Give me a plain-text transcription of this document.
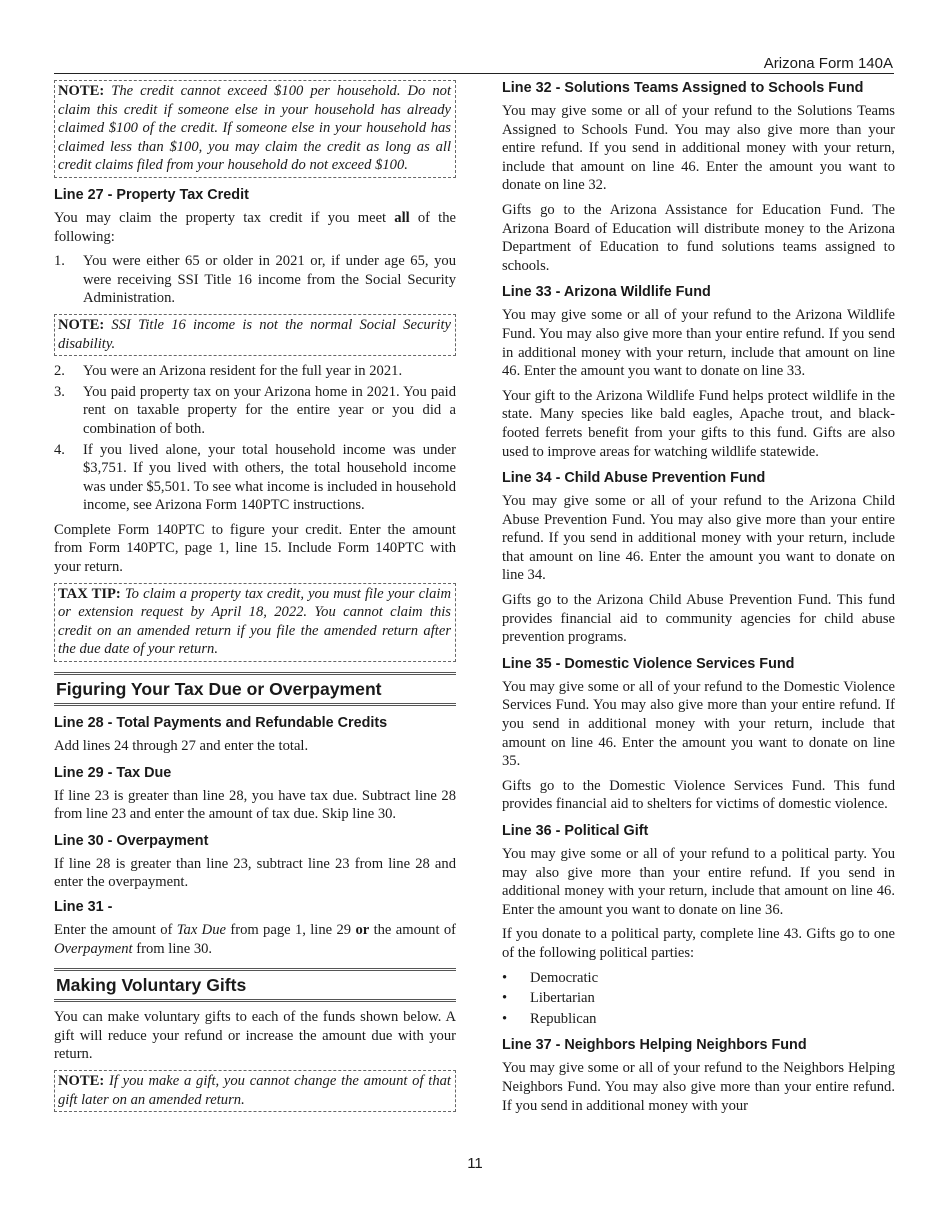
Arizona Form 140A
NOTE: The credit cannot exceed $100 per household. Do not claim this credit if someone else in your household has already claimed $100 of the credit. If someone else in your household has claimed less than $100, you may claim the credit as long as all credit claims filed from your household do not exceed $100.
Line 27 - Property Tax Credit

You may claim the property tax credit if you meet all of the following:

1.	You were either 65 or older in 2021 or, if under age 65, you were receiving SSI Title 16 income from the Social Security Administration.
NOTE: SSI Title 16 income is not the normal Social Security disability.
2.	You were an Arizona resident for the full year in 2021.
3.	You paid property tax on your Arizona home in 2021. You paid rent on taxable property for the entire year or you did a combination of both.
4.	If you lived alone, your total household income was under $3,751. If you lived with others, the total household income was under $5,501. To see what income is included in household income, see Arizona Form 140PTC instructions.

Complete Form 140PTC to figure your credit. Enter the amount from Form 140PTC, page 1, line 15. Include Form 140PTC with your return.

TAX TIP: To claim a property tax credit, you must file your claim or extension request by April 18, 2022. You cannot claim this credit on an amended return if you file the amended return after the due date of your return.
Figuring Your Tax Due or Overpayment
Line 28 - Total Payments and Refundable Credits

Add lines 24 through 27 and enter the total.

Line 29 - Tax Due

If line 23 is greater than line 28, you have tax due. Subtract line 28 from line 23 and enter the amount of tax due. Skip line 30.

Line 30 - Overpayment

If line 28 is greater than line 23, subtract line 23 from line 28 and enter the overpayment.

Line 31 -

Enter the amount of Tax Due from page 1, line 29 or the amount of Overpayment from line 30.

Making Voluntary Gifts

You can make voluntary gifts to each of the funds shown below. A gift will reduce your refund or increase the amount due with your return.

NOTE: If you make a gift, you cannot change the amount of that gift later on an amended return.
Line 32 - Solutions Teams Assigned to Schools Fund

You may give some or all of your refund to the Solutions Teams Assigned to Schools Fund. You may also give more than your entire refund. If you send in additional money with your return, include that amount on line 46. Enter the amount you want to donate on line 32.

Gifts go to the Arizona Assistance for Education Fund. The Arizona Board of Education will distribute money to the Arizona Department of Education to fund solutions teams assigned to schools.

Line 33 - Arizona Wildlife Fund

You may give some or all of your refund to the Arizona Wildlife Fund. You may also give more than your entire refund. If you send in additional money with your return, include that amount on line 46. Enter the amount you want to donate on line 33.

Your gift to the Arizona Wildlife Fund helps protect wildlife in the state. Many species like bald eagles, Apache trout, and black-footed ferrets benefit from your gifts to this fund. Gifts are also used to improve areas for watching wildlife statewide.

Line 34 - Child Abuse Prevention Fund

You may give some or all of your refund to the Arizona Child Abuse Prevention Fund. You may also give more than your entire refund. If you send in additional money with your return, include that amount on line 46. Enter the amount you want to donate on line 34.

Gifts go to the Arizona Child Abuse Prevention Fund. This fund provides financial aid to community agencies for child abuse prevention programs.

Line 35 - Domestic Violence Services Fund

You may give some or all of your refund to the Domestic Violence Services Fund. You may also give more than your entire refund. If you send in additional money with your return, include that amount on line 46. Enter the amount you want to donate on line 35.

Gifts go to the Domestic Violence Services Fund. This fund provides financial aid to shelters for victims of domestic violence.

Line 36 - Political Gift

You may give some or all of your refund to a political party. You may also give more than your entire refund. If you send in additional money with your return, include that amount on line 46. Enter the amount you want to donate on line 36.

If you donate to a political party, complete line 43. Gifts go to one of the following political parties:

•	Democratic
•	Libertarian
•	Republican
Line 37 - Neighbors Helping Neighbors Fund

You may give some or all of your refund to the Neighbors Helping Neighbors Fund. You may also give more than your entire refund. If you send in additional money with your

11
